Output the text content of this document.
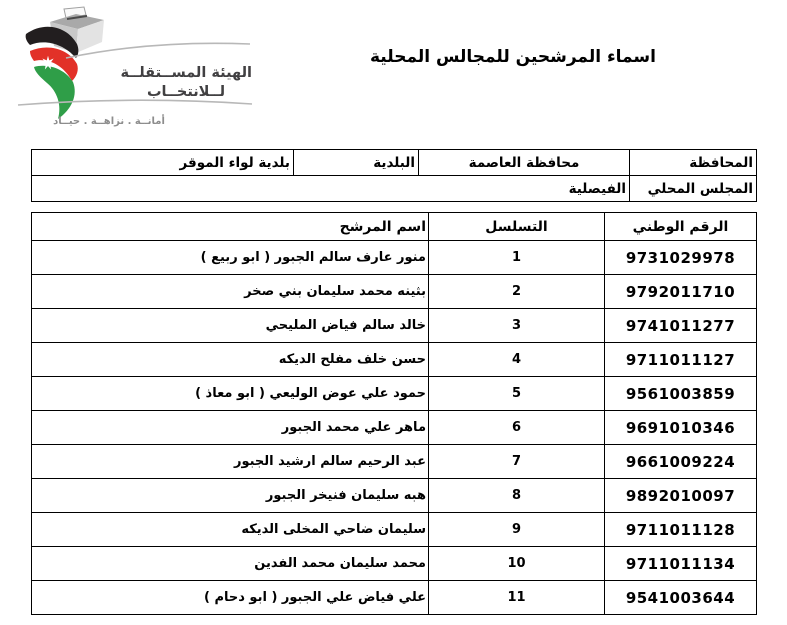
الهيئة المســتقلــة
لــلانتخــاب
أمانــة . نزاهــة . حيــاد
اسماء المرشحين للمجالس المحلية
المحافظة	محافظة العاصمة	البلدية	بلدية لواء الموقر
المجلس المحلي	الفيصلية		
الرقم الوطني	التسلسل	اسم المرشح
9731029978	1	منور عارف سالم الجبور ( ابو ربيع )
9792011710	2	بثينه محمد سليمان بني صخر
9741011277	3	خالد سالم فياض المليحي
9711011127	4	حسن خلف مفلح الديكه
9561003859	5	حمود علي عوض الوليعي ( ابو معاذ )
9691010346	6	ماهر علي محمد الجبور
9661009224	7	عبد الرحيم سالم ارشيد الجبور
9892010097	8	هبه سليمان فنيخر الجبور
9711011128	9	سليمان ضاحي المخلى الديكه
9711011134	10	محمد سليمان محمد الفدين
9541003644	11	علي فياض علي الجبور ( ابو دحام )
